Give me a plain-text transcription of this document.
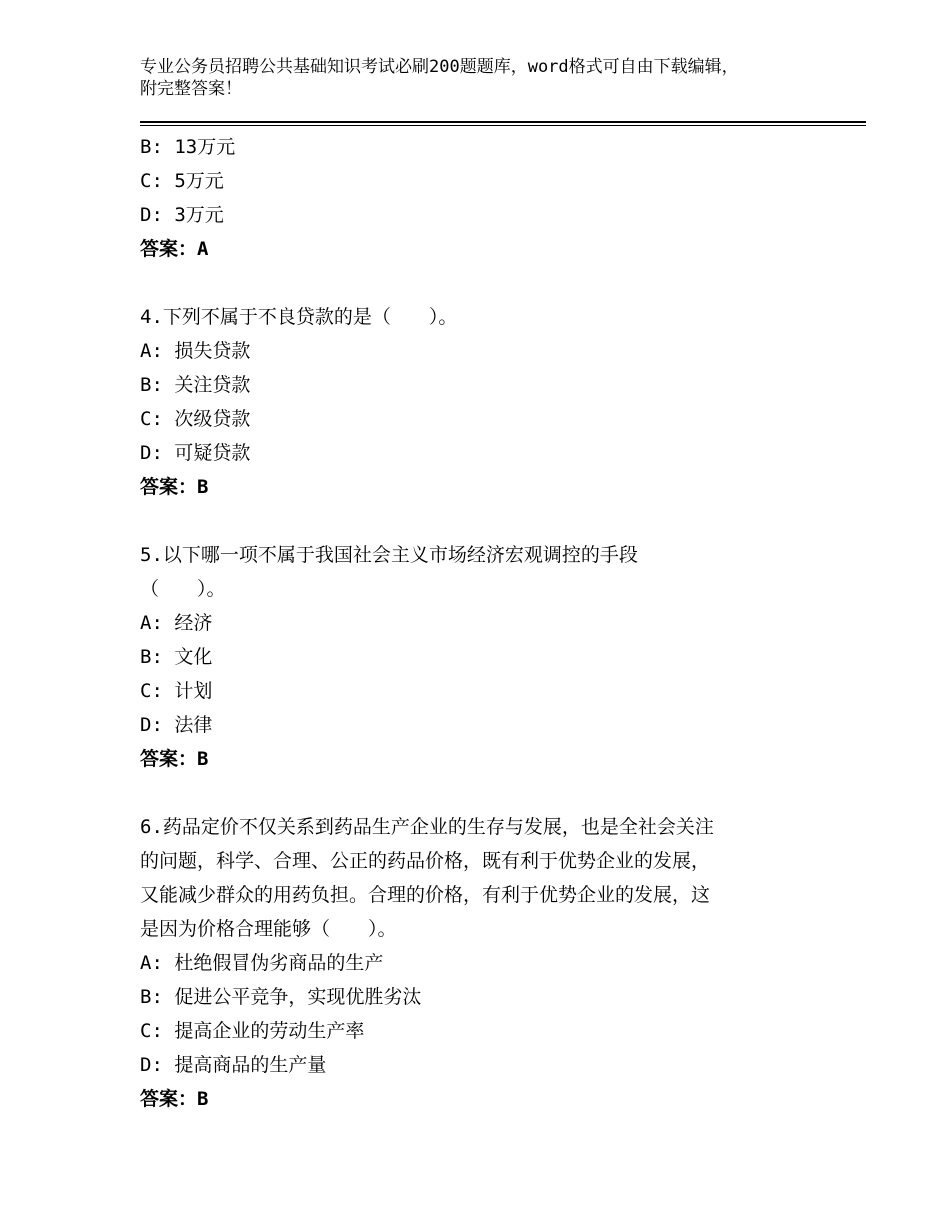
专业公务员招聘公共基础知识考试必刷200题题库，word格式可自由下载编辑，
附完整答案！
B: 13万元
C: 5万元
D: 3万元
答案：A
4.下列不属于不良贷款的是（　　）。
A: 损失贷款
B: 关注贷款
C: 次级贷款
D: 可疑贷款
答案：B
5.以下哪一项不属于我国社会主义市场经济宏观调控的手段
（　　）。
A: 经济
B: 文化
C: 计划
D: 法律
答案：B
6.药品定价不仅关系到药品生产企业的生存与发展，也是全社会关注
的问题，科学、合理、公正的药品价格，既有利于优势企业的发展，
又能减少群众的用药负担。合理的价格，有利于优势企业的发展，这
是因为价格合理能够（　　）。
A: 杜绝假冒伪劣商品的生产
B: 促进公平竞争，实现优胜劣汰
C: 提高企业的劳动生产率
D: 提高商品的生产量
答案：B
